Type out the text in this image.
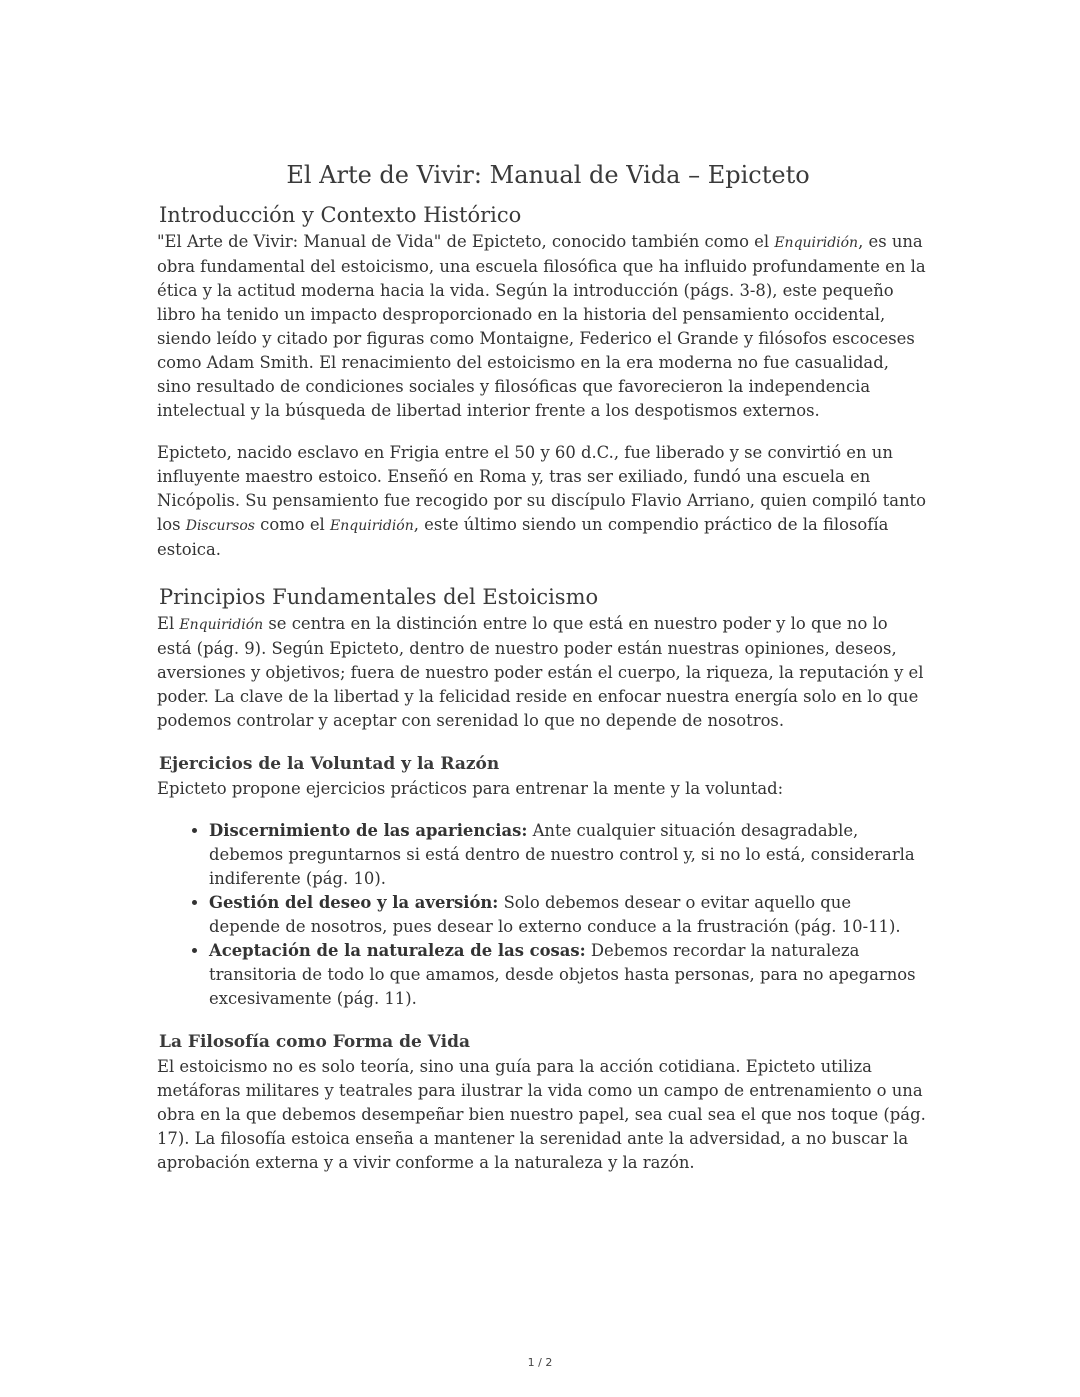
El Arte de Vivir: Manual de Vida – Epicteto
Introducción y Contexto Histórico

"El Arte de Vivir: Manual de Vida" de Epicteto, conocido también como el Enquiridión, es una obra fundamental del estoicismo, una escuela filosófica que ha influido profundamente en la ética y la actitud moderna hacia la vida. Según la introducción (págs. 3-8), este pequeño libro ha tenido un impacto desproporcionado en la historia del pensamiento occidental, siendo leído y citado por figuras como Montaigne, Federico el Grande y filósofos escoceses como Adam Smith. El renacimiento del estoicismo en la era moderna no fue casualidad, sino resultado de condiciones sociales y filosóficas que favorecieron la independencia intelectual y la búsqueda de libertad interior frente a los despotismos externos.

Epicteto, nacido esclavo en Frigia entre el 50 y 60 d.C., fue liberado y se convirtió en un influyente maestro estoico. Enseñó en Roma y, tras ser exiliado, fundó una escuela en Nicópolis. Su pensamiento fue recogido por su discípulo Flavio Arriano, quien compiló tanto los Discursos como el Enquiridión, este último siendo un compendio práctico de la filosofía estoica.

Principios Fundamentales del Estoicismo

El Enquiridión se centra en la distinción entre lo que está en nuestro poder y lo que no lo está (pág. 9). Según Epicteto, dentro de nuestro poder están nuestras opiniones, deseos, aversiones y objetivos; fuera de nuestro poder están el cuerpo, la riqueza, la reputación y el poder. La clave de la libertad y la felicidad reside en enfocar nuestra energía solo en lo que podemos controlar y aceptar con serenidad lo que no depende de nosotros.

Ejercicios de la Voluntad y la Razón

Epicteto propone ejercicios prácticos para entrenar la mente y la voluntad:

• Discernimiento de las apariencias: Ante cualquier situación desagradable, debemos preguntarnos si está dentro de nuestro control y, si no lo está, considerarla indiferente (pág. 10).
• Gestión del deseo y la aversión: Solo debemos desear o evitar aquello que depende de nosotros, pues desear lo externo conduce a la frustración (pág. 10-11).
• Aceptación de la naturaleza de las cosas: Debemos recordar la naturaleza transitoria de todo lo que amamos, desde objetos hasta personas, para no apegarnos excesivamente (pág. 11).
La Filosofía como Forma de Vida

El estoicismo no es solo teoría, sino una guía para la acción cotidiana. Epicteto utiliza metáforas militares y teatrales para ilustrar la vida como un campo de entrenamiento o una obra en la que debemos desempeñar bien nuestro papel, sea cual sea el que nos toque (pág. 17). La filosofía estoica enseña a mantener la serenidad ante la adversidad, a no buscar la aprobación externa y a vivir conforme a la naturaleza y la razón.

1 / 2
